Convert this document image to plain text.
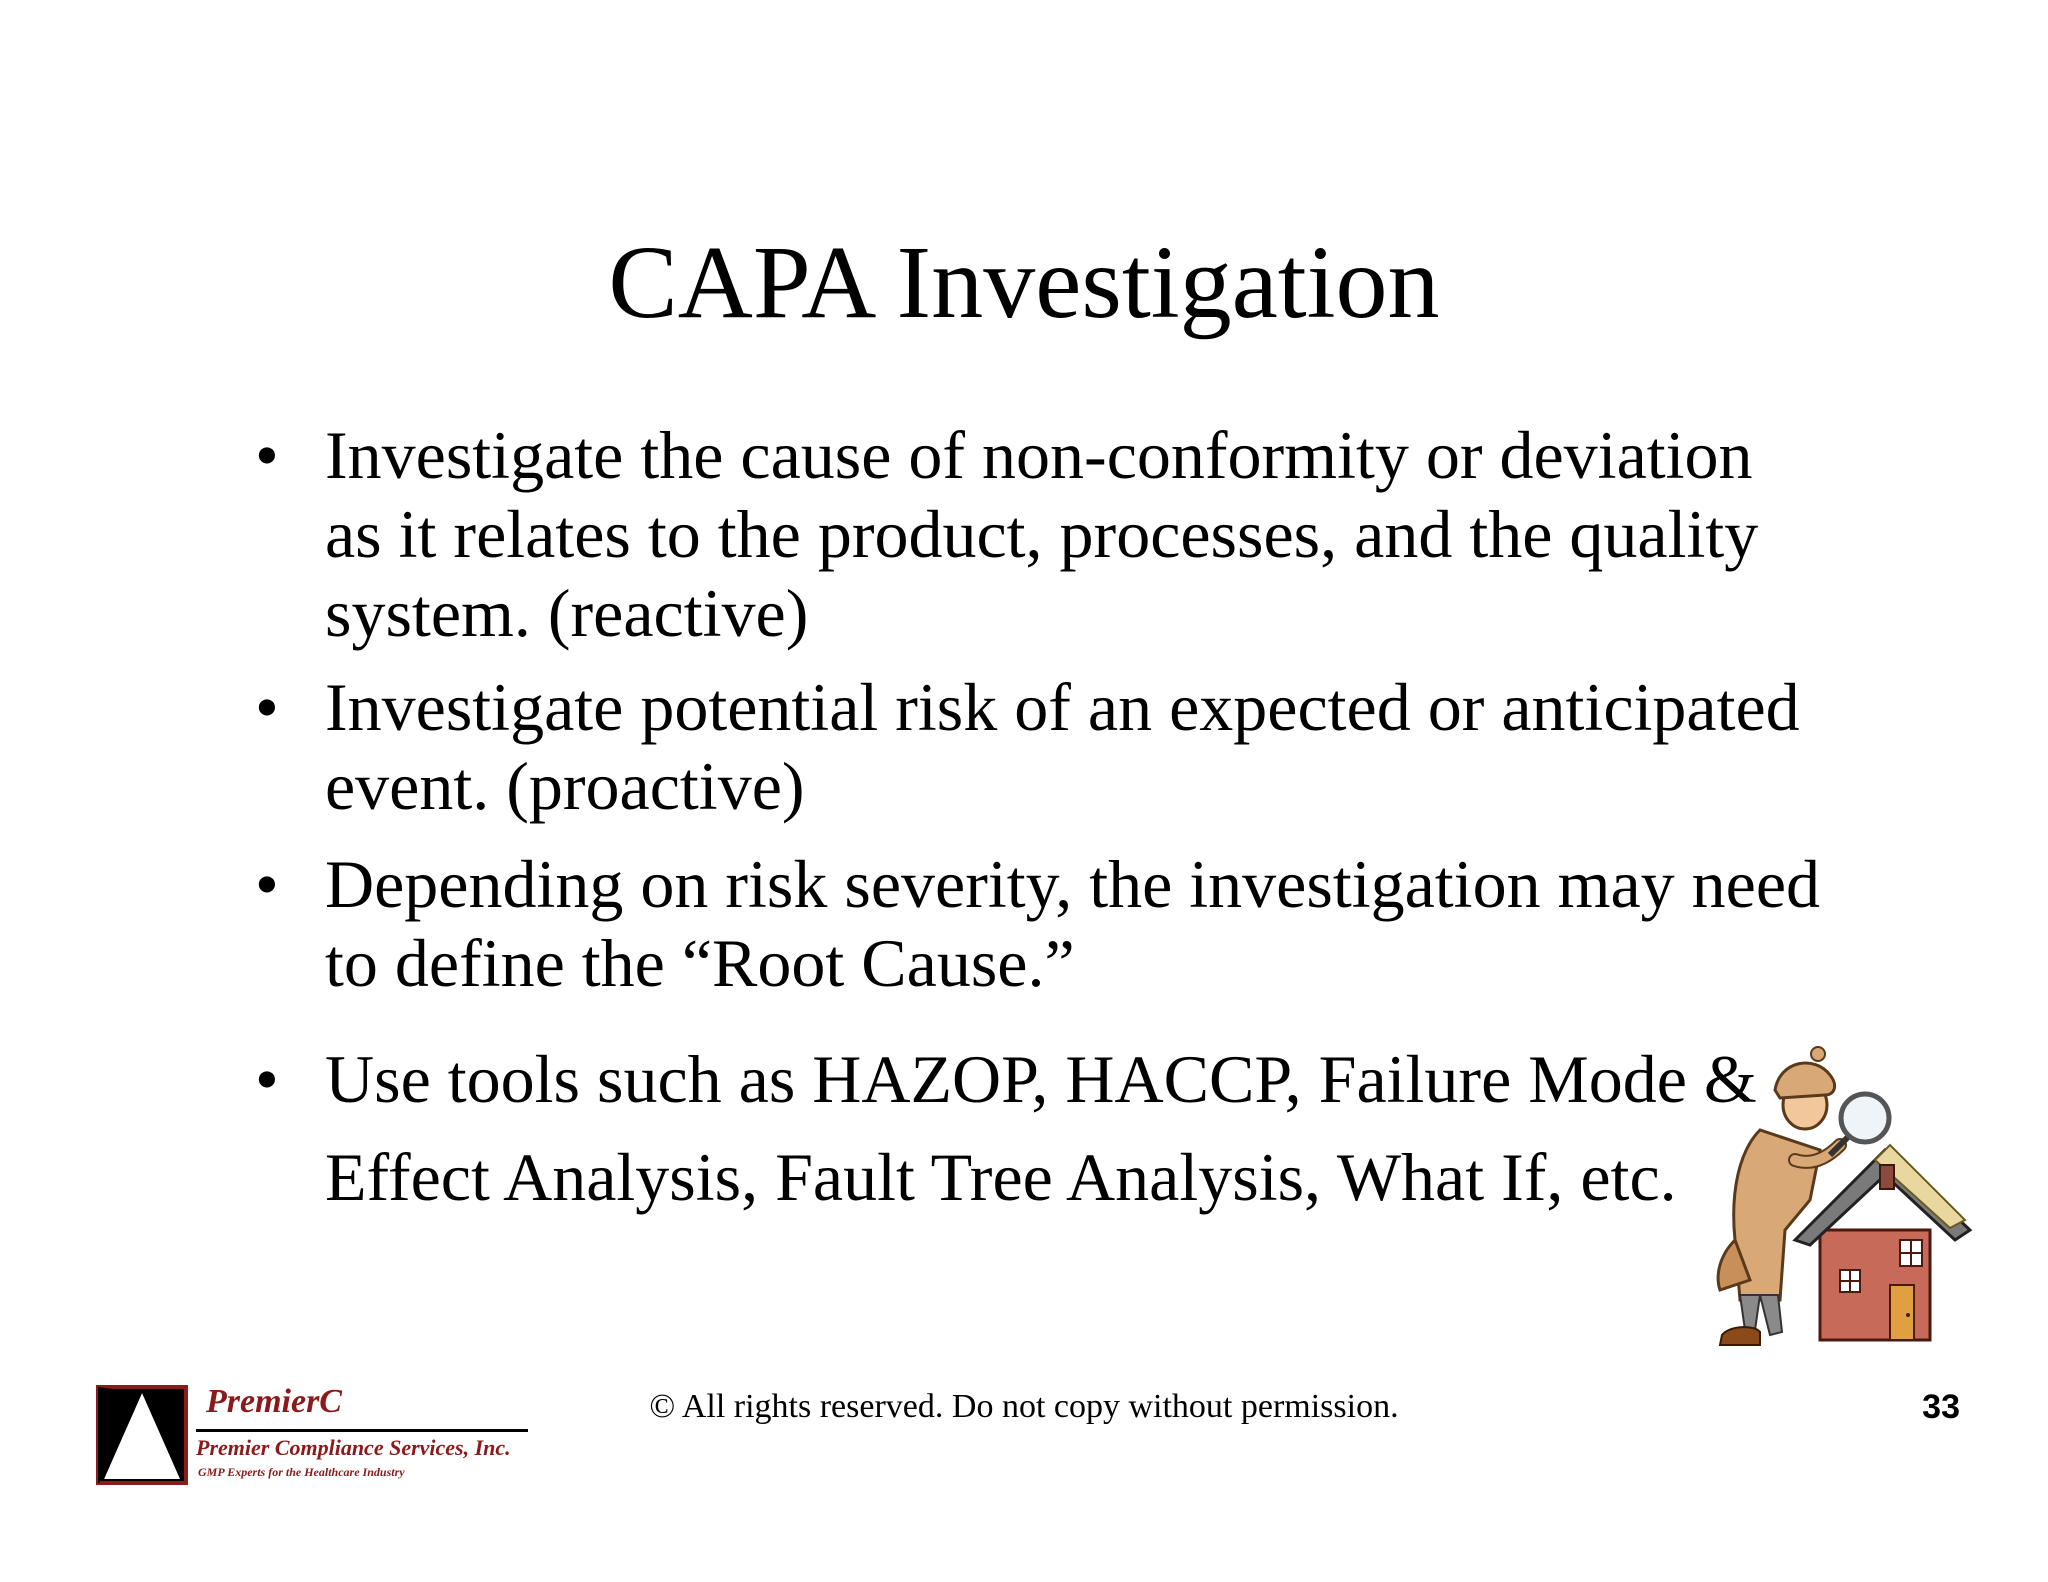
CAPA Investigation
• Investigate the cause of non-conformity or deviation as it relates to the product, processes, and the quality system. (reactive)
• Investigate potential risk of an expected or anticipated event. (proactive)
• Depending on risk severity, the investigation may need to define the “Root Cause.”
• Use tools such as HAZOP, HACCP, Failure Mode & Effect Analysis, Fault Tree Analysis, What If, etc.
© All rights reserved. Do not copy without permission.	33
PremierC
Premier Compliance Services, Inc.
GMP Experts for the Healthcare Industry
